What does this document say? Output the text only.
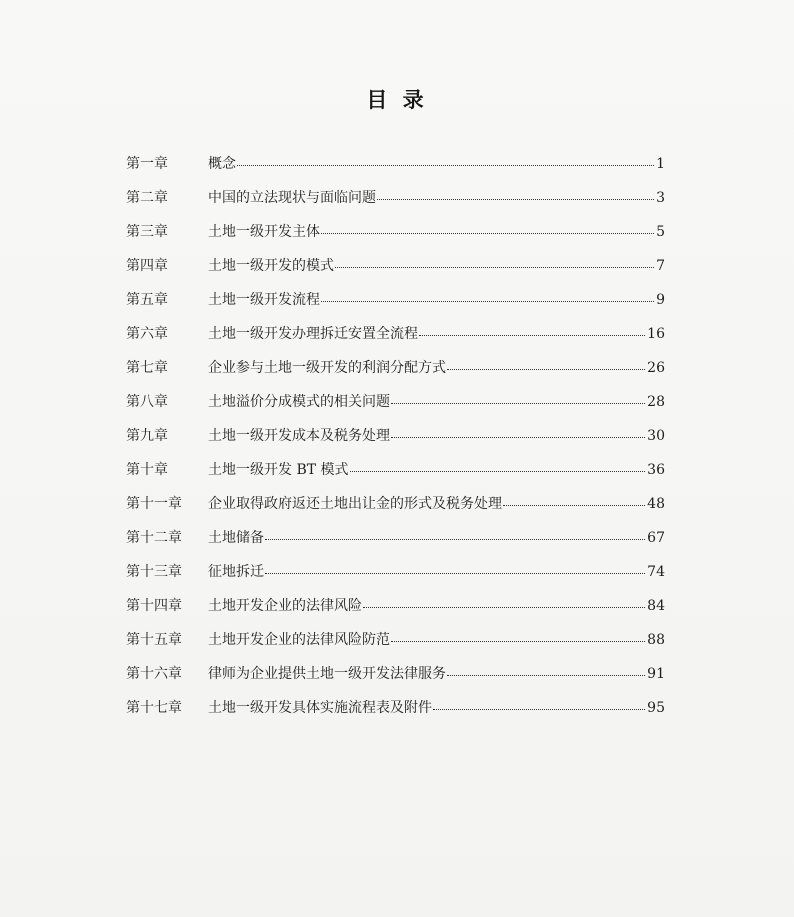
目 录
第一章	概念	1
第二章	中国的立法现状与面临问题	3
第三章	土地一级开发主体	5
第四章	土地一级开发的模式	7
第五章	土地一级开发流程	9
第六章	土地一级开发办理拆迁安置全流程	16
第七章	企业参与土地一级开发的利润分配方式	26
第八章	土地溢价分成模式的相关问题	28
第九章	土地一级开发成本及税务处理	30
第十章	土地一级开发 BT 模式	36
第十一章	企业取得政府返还土地出让金的形式及税务处理	48
第十二章	土地储备	67
第十三章	征地拆迁	74
第十四章	土地开发企业的法律风险	84
第十五章	土地开发企业的法律风险防范	88
第十六章	律师为企业提供土地一级开发法律服务	91
第十七章	土地一级开发具体实施流程表及附件	95
